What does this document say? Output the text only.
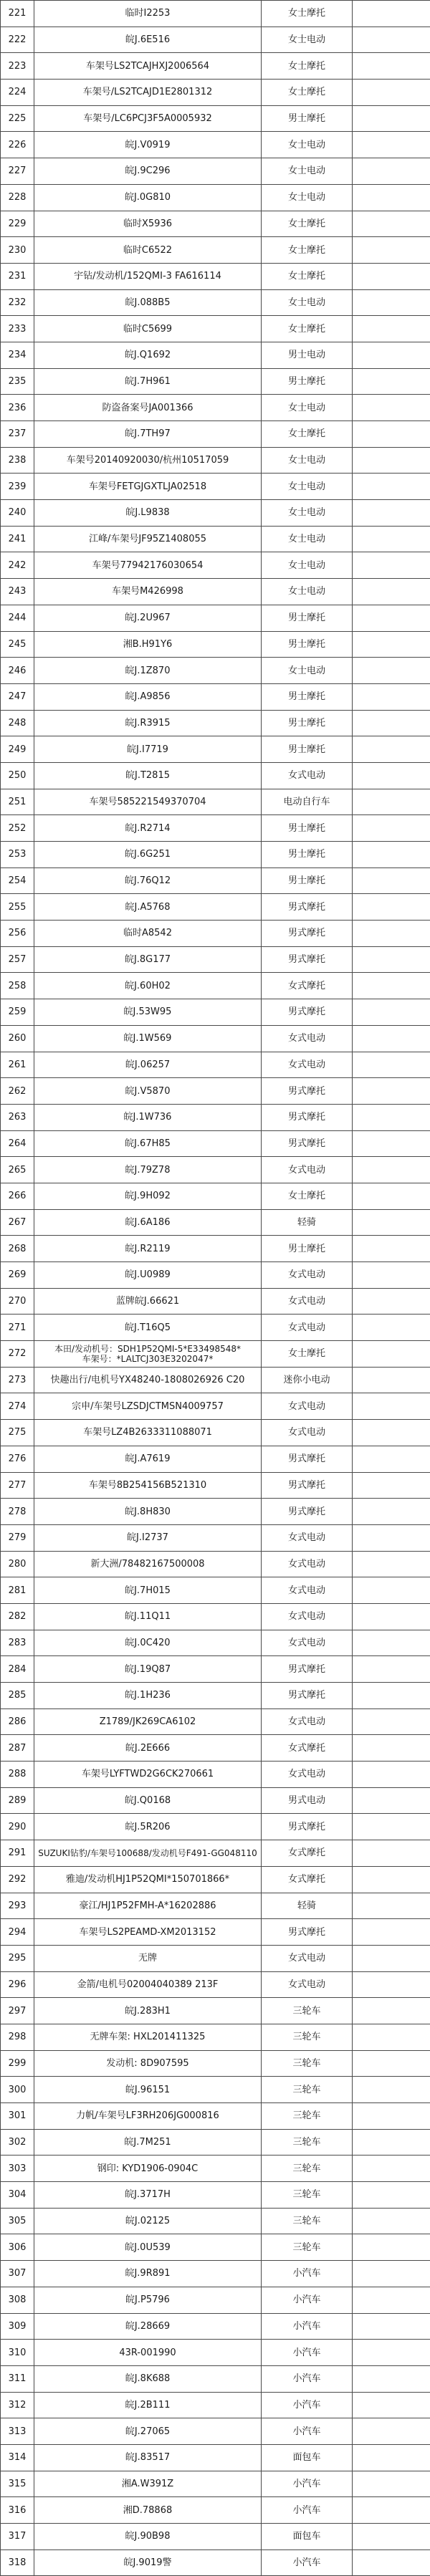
221	临时I2253	女士摩托	
222	皖J.6E516	女士电动	
223	车架号LS2TCAJHXJ2006564	女士摩托	
224	车架号/LS2TCAJD1E2801312	女士摩托	
225	车架号/LC6PCJ3F5A0005932	男士摩托	
226	皖J.V0919	女士电动	
227	皖J.9C296	女士电动	
228	皖J.0G810	女士电动	
229	临时X5936	女士摩托	
230	临时C6522	女士摩托	
231	宇钻/发动机/152QMI-3 FA616114	女士摩托	
232	皖J.088B5	女士电动	
233	临时C5699	女士摩托	
234	皖J.Q1692	男士电动	
235	皖J.7H961	男士摩托	
236	防盗备案号JA001366	女士电动	
237	皖J.7TH97	女士摩托	
238	车架号20140920030/杭州10517059	女士电动	
239	车架号FETGJGXTLJA02518	女士电动	
240	皖J.L9838	女士电动	
241	江峰/车架号JF95Z1408055	女士电动	
242	车架号77942176030654	女士电动	
243	车架号M426998	女士电动	
244	皖J.2U967	男士摩托	
245	湘B.H91Y6	男士摩托	
246	皖J.1Z870	女士电动	
247	皖J.A9856	男士摩托	
248	皖J.R3915	男士摩托	
249	皖J.I7719	男士摩托	
250	皖J.T2815	女式电动	
251	车架号585221549370704	电动自行车	
252	皖J.R2714	男士摩托	
253	皖J.6G251	男士摩托	
254	皖J.76Q12	男士摩托	
255	皖J.A5768	男式摩托	
256	临时A8542	男式摩托	
257	皖J.8G177	男式摩托	
258	皖J.60H02	女式摩托	
259	皖J.53W95	男式摩托	
260	皖J.1W569	女式电动	
261	皖J.06257	女式电动	
262	皖J.V5870	男式摩托	
263	皖J.1W736	男式摩托	
264	皖J.67H85	男式摩托	
265	皖J.79Z78	女式电动	
266	皖J.9H092	女士摩托	
267	皖J.6A186	轻骑	
268	皖J.R2119	男士摩托	
269	皖J.U0989	女式电动	
270	蓝牌皖J.66621	女式电动	
271	皖J.T16Q5	女式电动	
272	本田/发动机号：SDH1P52QMI-5*E33498548*
车架号：*LALTCJ303E3202047*	女士摩托	
273	快趣出行/电机号YX48240-1808026926 C20	迷你小电动	
274	宗申/车架号LZSDJCTMSN4009757	女式电动	
275	车架号LZ4B2633311088071	女式电动	
276	皖J.A7619	男式摩托	
277	车架号8B254156B521310	男式摩托	
278	皖J.8H830	男式摩托	
279	皖J.I2737	女式电动	
280	新大洲/78482167500008	女式电动	
281	皖J.7H015	女式电动	
282	皖J.11Q11	女式电动	
283	皖J.0C420	女式电动	
284	皖J.19Q87	男式摩托	
285	皖J.1H236	男式摩托	
286	Z1789/JK269CA6102	女式电动	
287	皖J.2E666	女式摩托	
288	车架号LYFTWD2G6CK270661	女式电动	
289	皖J.Q0168	男式电动	
290	皖J.5R206	男式摩托	
291	SUZUKI钻豹/车架号100688/发动机号F491-GG048110	女式摩托	
292	雅迪/发动机HJ1P52QMI*150701866*	女式摩托	
293	豪江/HJ1P52FMH-A*16202886	轻骑	
294	车架号LS2PEAMD-XM2013152	男式摩托	
295	无牌	女式电动	
296	金箭/电机号02004040389 213F	女式电动	
297	皖J.283H1	三轮车	
298	无牌车架: HXL201411325	三轮车	
299	发动机: 8D907595	三轮车	
300	皖J.96151	三轮车	
301	力帆/车架号LF3RH206JG000816	三轮车	
302	皖J.7M251	三轮车	
303	钢印: KYD1906-0904C	三轮车	
304	皖J.3717H	三轮车	
305	皖J.02125	三轮车	
306	皖J.0U539	三轮车	
307	皖J.9R891	小汽车	
308	皖J.P5796	小汽车	
309	皖J.28669	小汽车	
310	43R-001990	小汽车	
311	皖J.8K688	小汽车	
312	皖J.2B111	小汽车	
313	皖J.27065	小汽车	
314	皖J.83517	面包车	
315	湘A.W391Z	小汽车	
316	湘D.78868	小汽车	
317	皖J.90B98	面包车	
318	皖J.9019警	小汽车	
